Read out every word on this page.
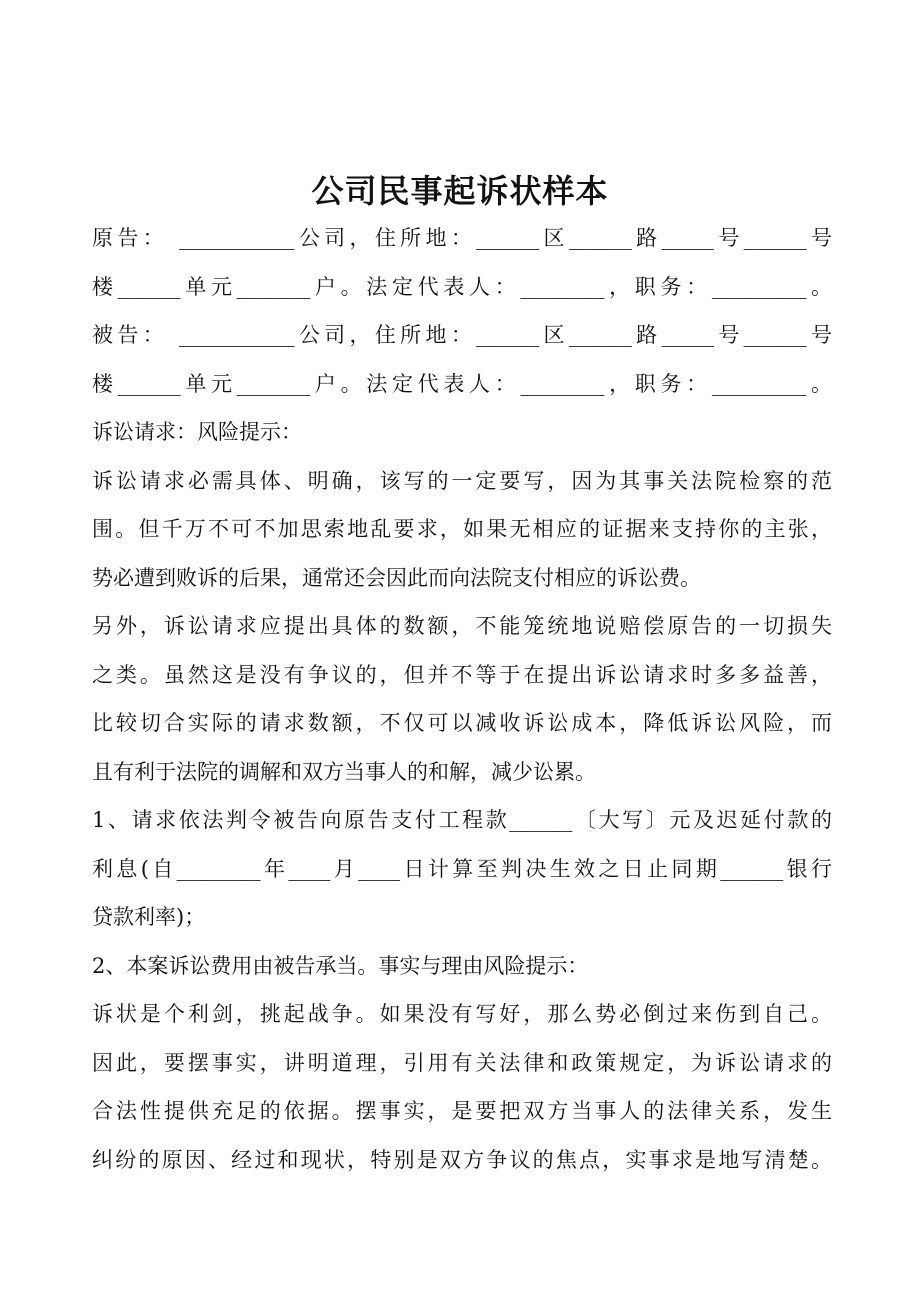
公司民事起诉状样本
原告： ___________公司，住所地：______区______路_____号______号
楼______单元_______户。法定代表人：________，职务：_________。
被告： ___________公司，住所地：______区______路_____号______号
楼______单元_______户。法定代表人：________，职务：_________。
诉讼请求：风险提示：
诉讼请求必需具体、明确，该写的一定要写，因为其事关法院检察的范
围。但千万不可不加思索地乱要求，如果无相应的证据来支持你的主张，
势必遭到败诉的后果，通常还会因此而向法院支付相应的诉讼费。
另外，诉讼请求应提出具体的数额，不能笼统地说赔偿原告的一切损失
之类。虽然这是没有争议的，但并不等于在提出诉讼请求时多多益善，
比较切合实际的请求数额，不仅可以减收诉讼成本，降低诉讼风险，而
且有利于法院的调解和双方当事人的和解，减少讼累。
1、请求依法判令被告向原告支付工程款______〔大写〕元及迟延付款的
利息(自________年____月____日计算至判决生效之日止同期______银行
贷款利率)；
2、本案诉讼费用由被告承当。事实与理由风险提示：
诉状是个利剑，挑起战争。如果没有写好，那么势必倒过来伤到自己。
因此，要摆事实，讲明道理，引用有关法律和政策规定，为诉讼请求的
合法性提供充足的依据。摆事实，是要把双方当事人的法律关系，发生
纠纷的原因、经过和现状，特别是双方争议的焦点，实事求是地写清楚。
